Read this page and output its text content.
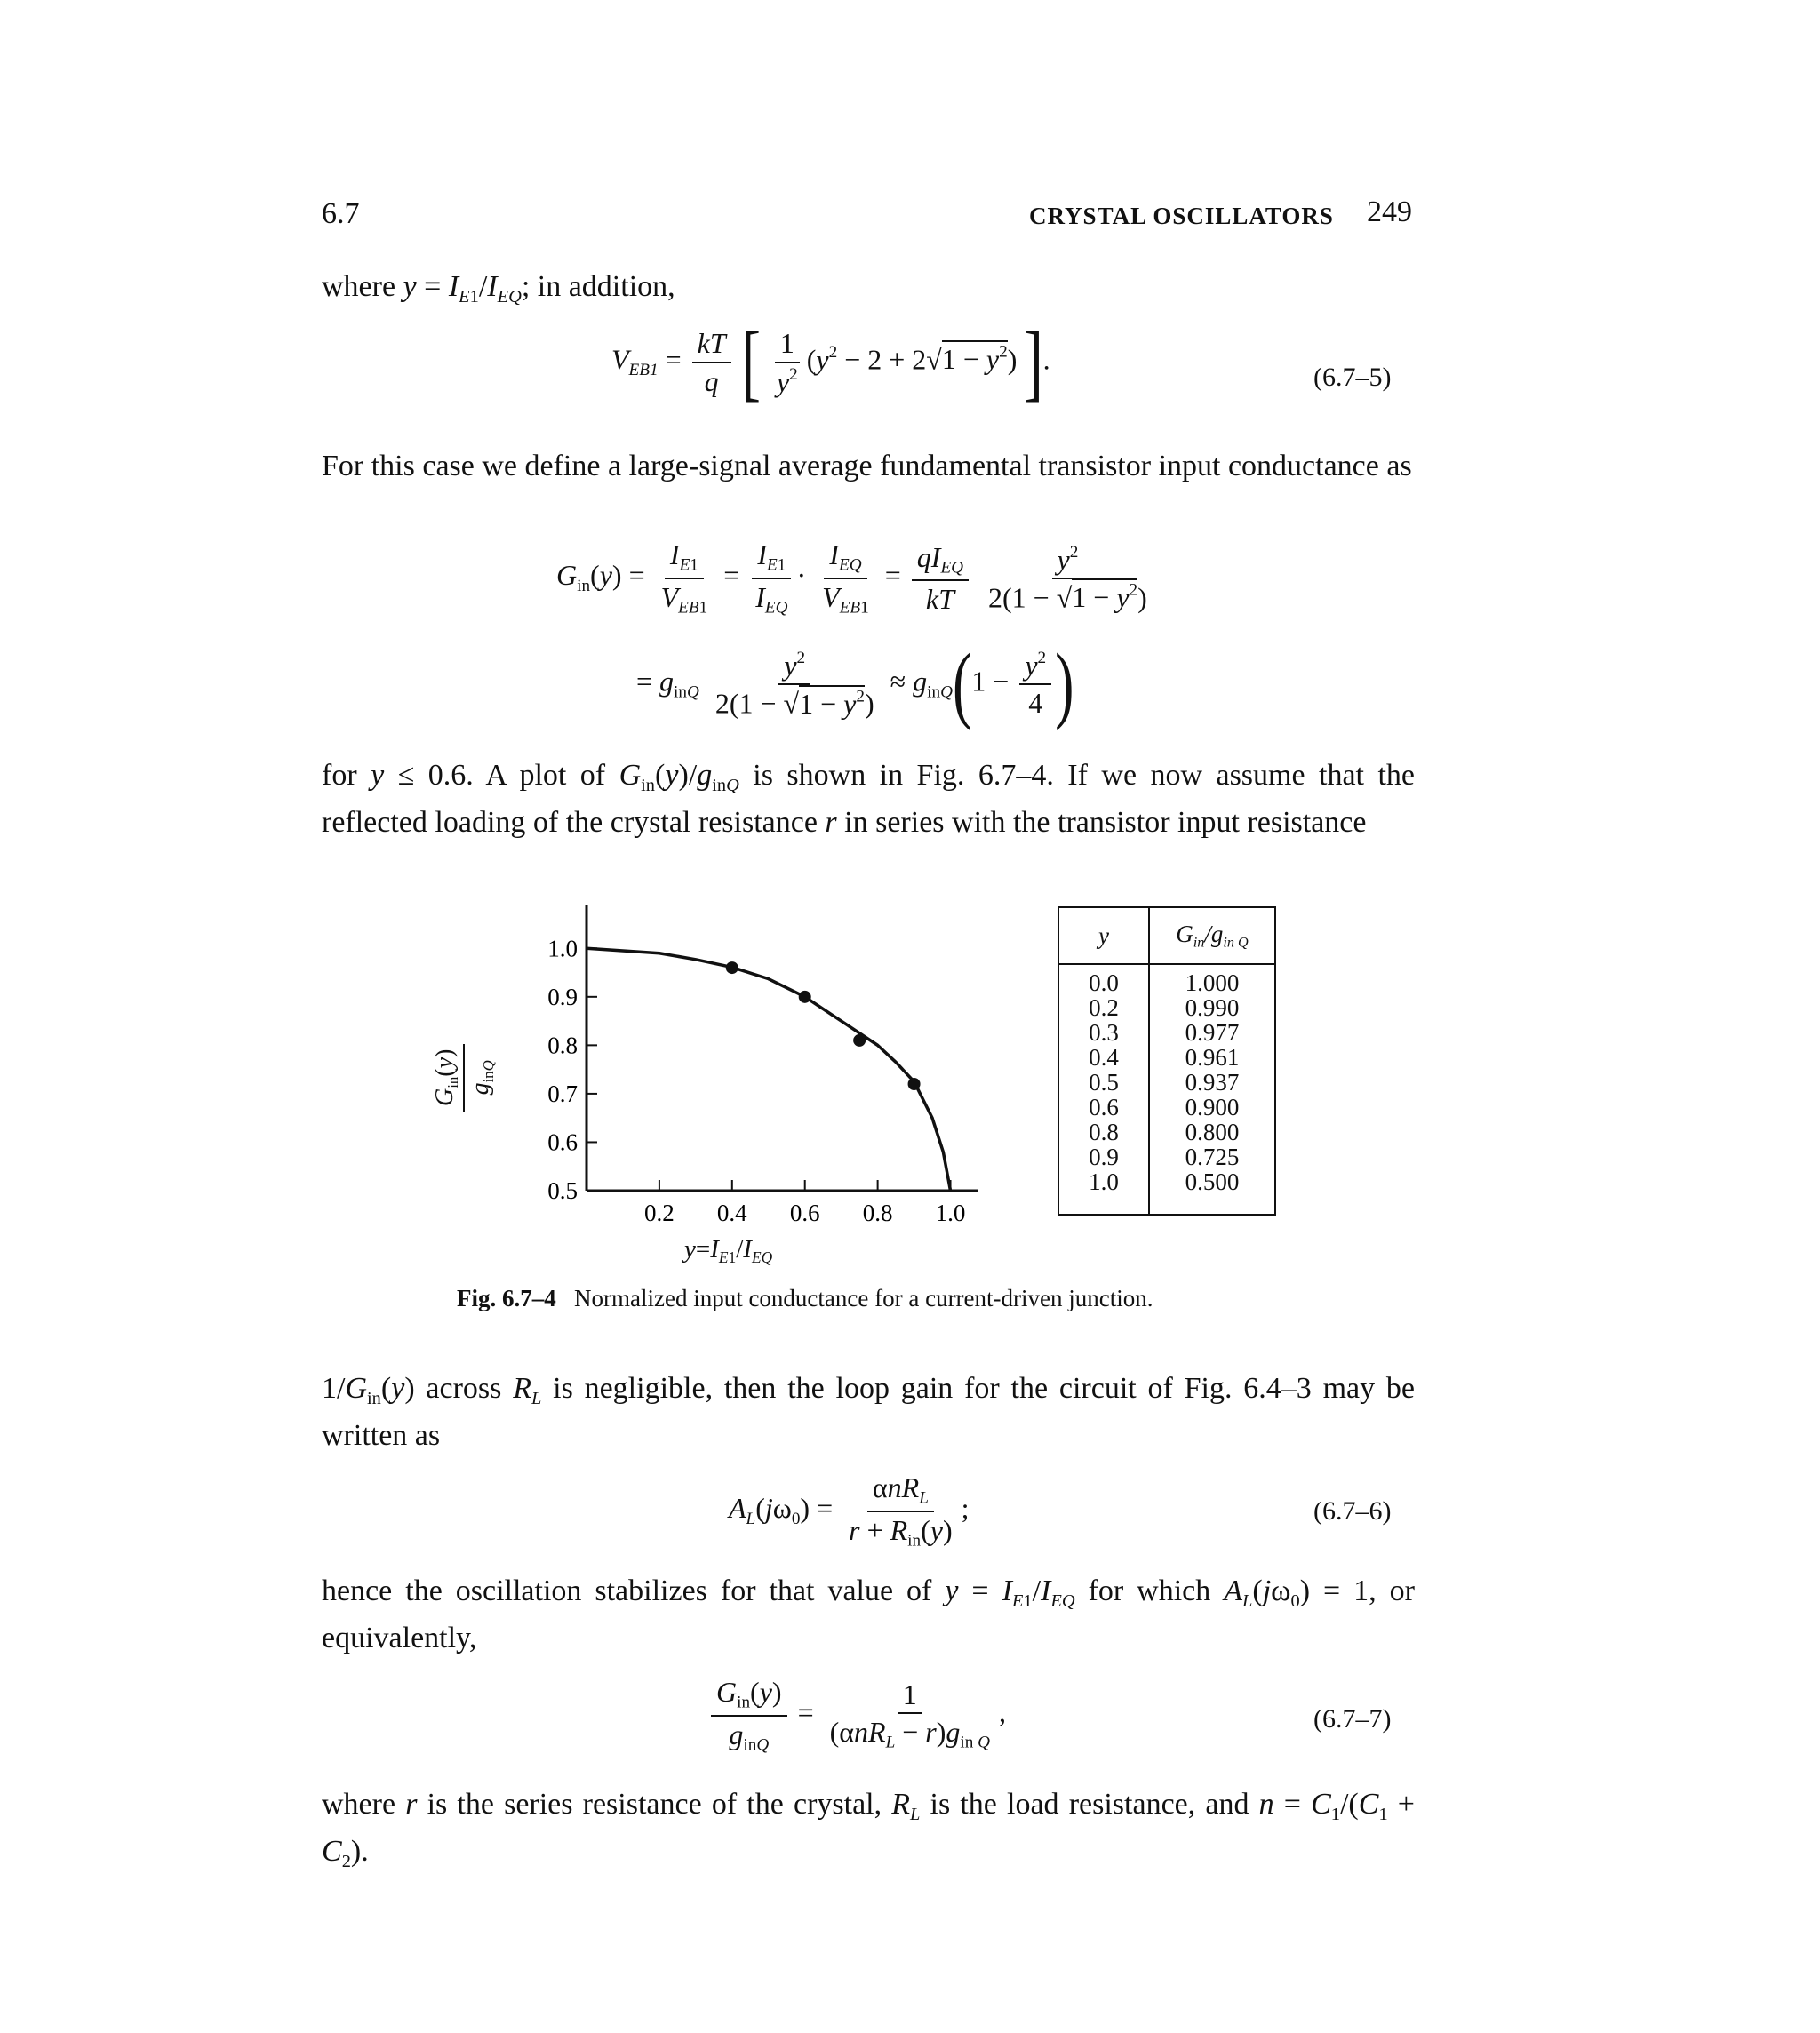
6.7	CRYSTAL OSCILLATORS 249
where $y = I_{E1}/I_{EQ}$; in addition,
$V_{EB1} = \frac{kT}{q}$ [ $\frac{1}{y^2} (y^2 - 2 + 2√1 - y^2)$ ].
(6.7–5)
For this case we define a large-signal average fundamental transistor input conductance as
$G_{in}(y) = \frac{I_{E1}}{V_{EB1}} = \frac{I_{E1}}{I_{EQ}} \cdot \frac{I_{EQ}}{V_{EB1}} = \frac{qI_{EQ}}{kT}$
$\frac{y^2}{2(1 - √1 - y^2)}$
= $g_{inQ} \frac{y^2}{2(1 - √1 - y^2)} \approx g_{inQ}(1 - \frac{y^2}{4}$ )
for y ≤ 0.6. A plot of $G_{in}(y)/g_{inQ}$ is shown in Fig. 6.7–4. If we now assume that the reflected loading of the crystal resistance r in series with the transistor input resistance
1.0
0.9
0.8
0.7
0.6
0.5
0.2 0.4 0.6 0.8 1.0
$G_{in}(y)$
$g_{inQ}$
$y=I_{E1}/I_{EQ}$
y	$G_{in}/g_{in Q}$
0.0	1.000
0.2	0.990
0.3	0.977
0.4	0.961
0.5	0.937
0.6	0.900
0.8	0.800
0.9	0.725
1.0	0.500
Fig. 6.7–4 Normalized input conductance for a current-driven junction.
$1/G_{in}(y)$ across $R_L$ is negligible, then the loop gain for the circuit of Fig. 6.4–3 may be written as
$A_L(j\omega_0) = \frac{\alpha nR_L}{r + R_{in}(y)}$ ;	(6.7–6)
hence the oscillation stabilizes for that value of $y = I_{E1}/I_{EQ}$ for which $A_L(j\omega_0) = 1$, or equivalently,
$\frac{G_{in}(y)}{g_{inQ}} = \frac{1}{(\alpha nR_L - r)g_{in Q}}$ ,	(6.7–7)
where r is the series resistance of the crystal, $R_L$ is the load resistance, and $n = C_1/(C_1 + C_2)$.
